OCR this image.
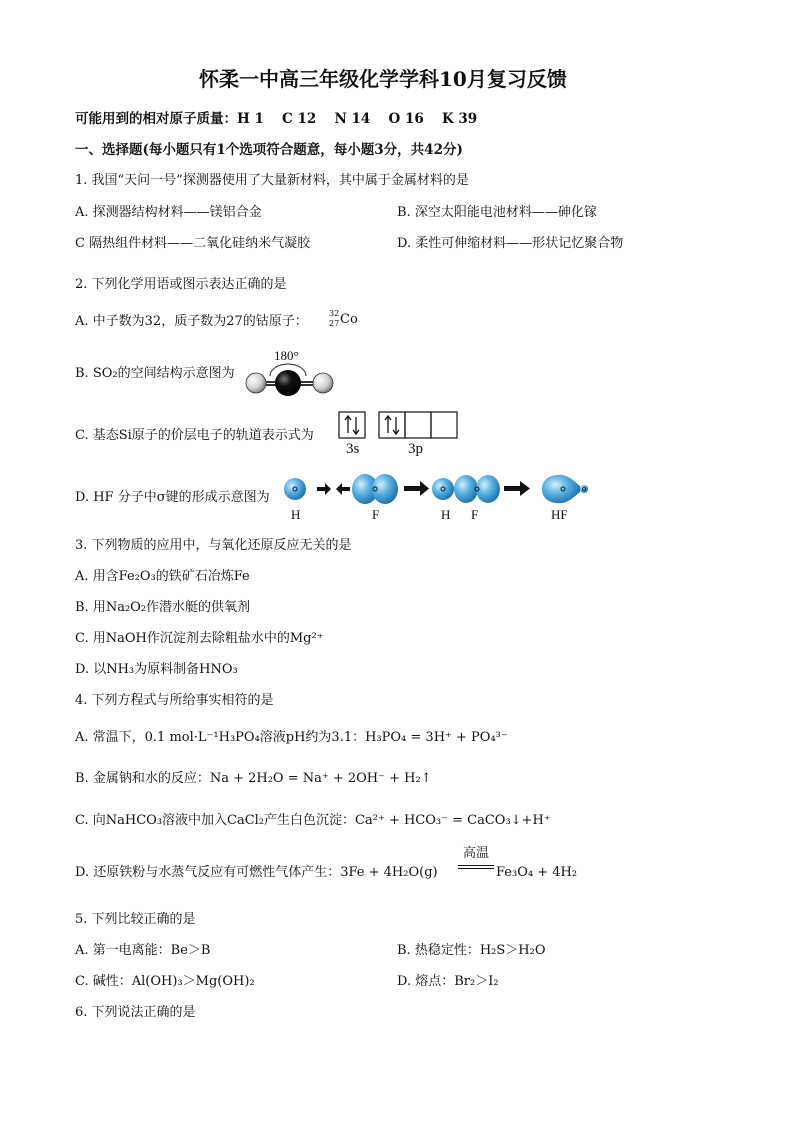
怀柔一中高三年级化学学科10月复习反馈
可能用到的相对原子质量：H 1　 C 12　 N 14　 O 16　 K 39
一、选择题(每小题只有1个选项符合题意，每小题3分，共42分)
1. 我国“天问一号”探测器使用了大量新材料，其中属于金属材料的是
A. 探测器结构材料——镁铝合金	B. 深空太阳能电池材料——砷化镓
C 隔热组件材料——二氧化硅纳米气凝胶	D. 柔性可伸缩材料——形状记忆聚合物
2. 下列化学用语或图示表达正确的是
A. 中子数为32，质子数为27的钴原子：
32
27 Co
B. SO₂的空间结构示意图为
180°
C. 基态Si原子的价层电子的轨道表示式为
3s	3p
D. HF 分子中σ键的形成示意图为
H	F	H F	HF
3. 下列物质的应用中，与氧化还原反应无关的是
A. 用含Fe₂O₃的铁矿石冶炼Fe
B. 用Na₂O₂作潜水艇的供氧剂
C. 用NaOH作沉淀剂去除粗盐水中的Mg²⁺
D. 以NH₃为原料制备HNO₃
4. 下列方程式与所给事实相符的是
A. 常温下，0.1 mol·L⁻¹H₃PO₄溶液pH约为3.1：H₃PO₄ = 3H⁺ + PO₄³⁻
B. 金属钠和水的反应：Na + 2H₂O = Na⁺ + 2OH⁻ + H₂↑
C. 向NaHCO₃溶液中加入CaCl₂产生白色沉淀：Ca²⁺ + HCO₃⁻ = CaCO₃↓+H⁺
D. 还原铁粉与水蒸气反应有可燃性气体产生：3Fe + 4H₂O(g)
高温
Fe₃O₄ + 4H₂
5. 下列比较正确的是
A. 第一电离能：Be＞B	B. 热稳定性：H₂S＞H₂O
C. 碱性：Al(OH)₃＞Mg(OH)₂	D. 熔点：Br₂＞I₂
6. 下列说法正确的是
